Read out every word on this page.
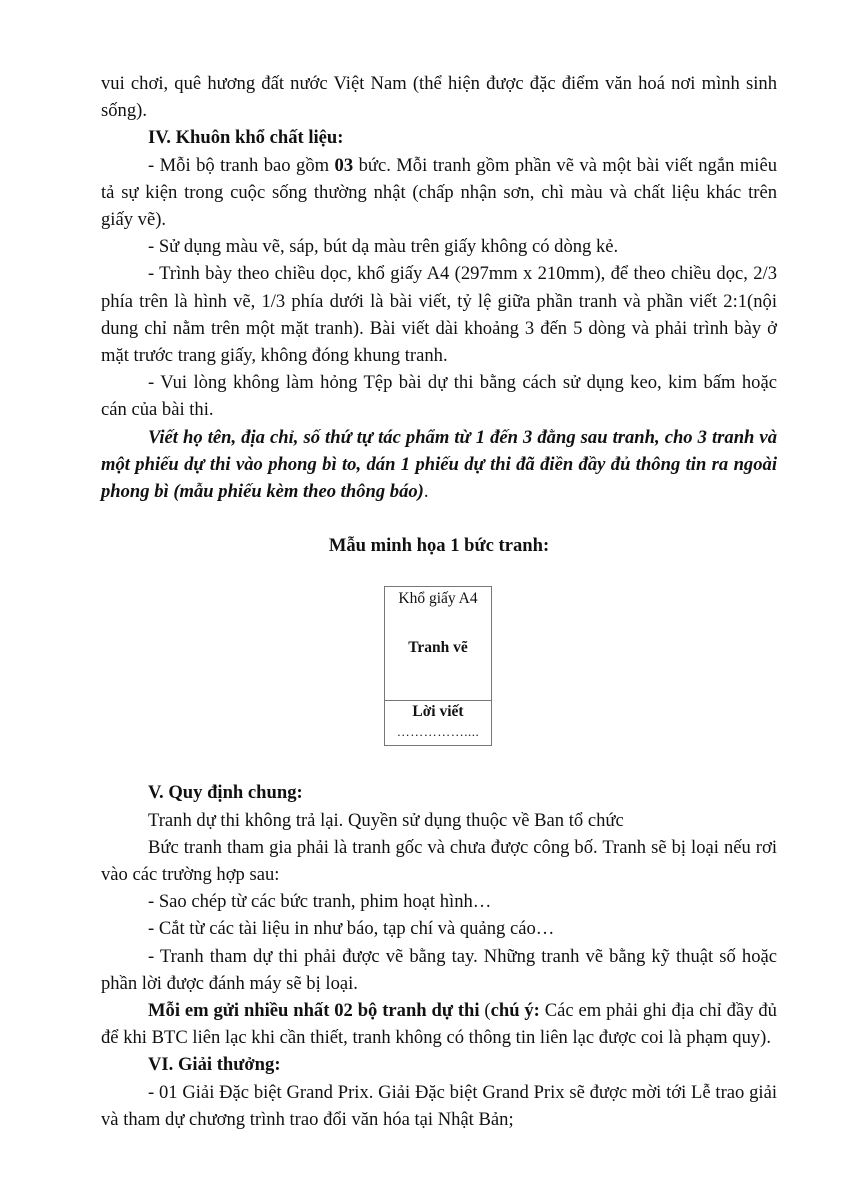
vui chơi, quê hương đất nước Việt Nam (thể hiện được đặc điểm văn hoá nơi mình sinh sống).

IV. Khuôn khổ chất liệu:

- Mỗi bộ tranh bao gồm 03 bức. Mỗi tranh gồm phần vẽ và một bài viết ngắn miêu tả sự kiện trong cuộc sống thường nhật (chấp nhận sơn, chì màu và chất liệu khác trên giấy vẽ).

- Sử dụng màu vẽ, sáp, bút dạ màu trên giấy không có dòng kẻ.

- Trình bày theo chiều dọc, khổ giấy A4 (297mm x 210mm), để theo chiều dọc, 2/3 phía trên là hình vẽ, 1/3 phía dưới là bài viết, tỷ lệ giữa phần tranh và phần viết 2:1(nội dung chỉ nằm trên một mặt tranh). Bài viết dài khoảng 3 đến 5 dòng và phải trình bày ở mặt trước trang giấy, không đóng khung tranh.

- Vui lòng không làm hỏng Tệp bài dự thi bằng cách sử dụng keo, kim bấm hoặc cán của bài thi.

Viết họ tên, địa chỉ, số thứ tự tác phẩm từ 1 đến 3 đằng sau tranh, cho 3 tranh và một phiếu dự thi vào phong bì to, dán 1 phiếu dự thi đã điền đầy đủ thông tin ra ngoài phong bì (mẫu phiếu kèm theo thông báo).

Mẫu minh họa 1 bức tranh:

Khổ giấy A4
Tranh vẽ
Lời viết
……………....

V. Quy định chung:

Tranh dự thi không trả lại. Quyền sử dụng thuộc về Ban tổ chức

Bức tranh tham gia phải là tranh gốc và chưa được công bố. Tranh sẽ bị loại nếu rơi vào các trường hợp sau:

- Sao chép từ các bức tranh, phim hoạt hình…

- Cắt từ các tài liệu in như báo, tạp chí và quảng cáo…

- Tranh tham dự thi phải được vẽ bằng tay. Những tranh vẽ bằng kỹ thuật số hoặc phần lời được đánh máy sẽ bị loại.

Mỗi em gửi nhiều nhất 02 bộ tranh dự thi (chú ý: Các em phải ghi địa chỉ đầy đủ để khi BTC liên lạc khi cần thiết, tranh không có thông tin liên lạc được coi là phạm quy).

VI. Giải thưởng:

- 01 Giải Đặc biệt Grand Prix. Giải Đặc biệt Grand Prix sẽ được mời tới Lễ trao giải và tham dự chương trình trao đổi văn hóa tại Nhật Bản;
